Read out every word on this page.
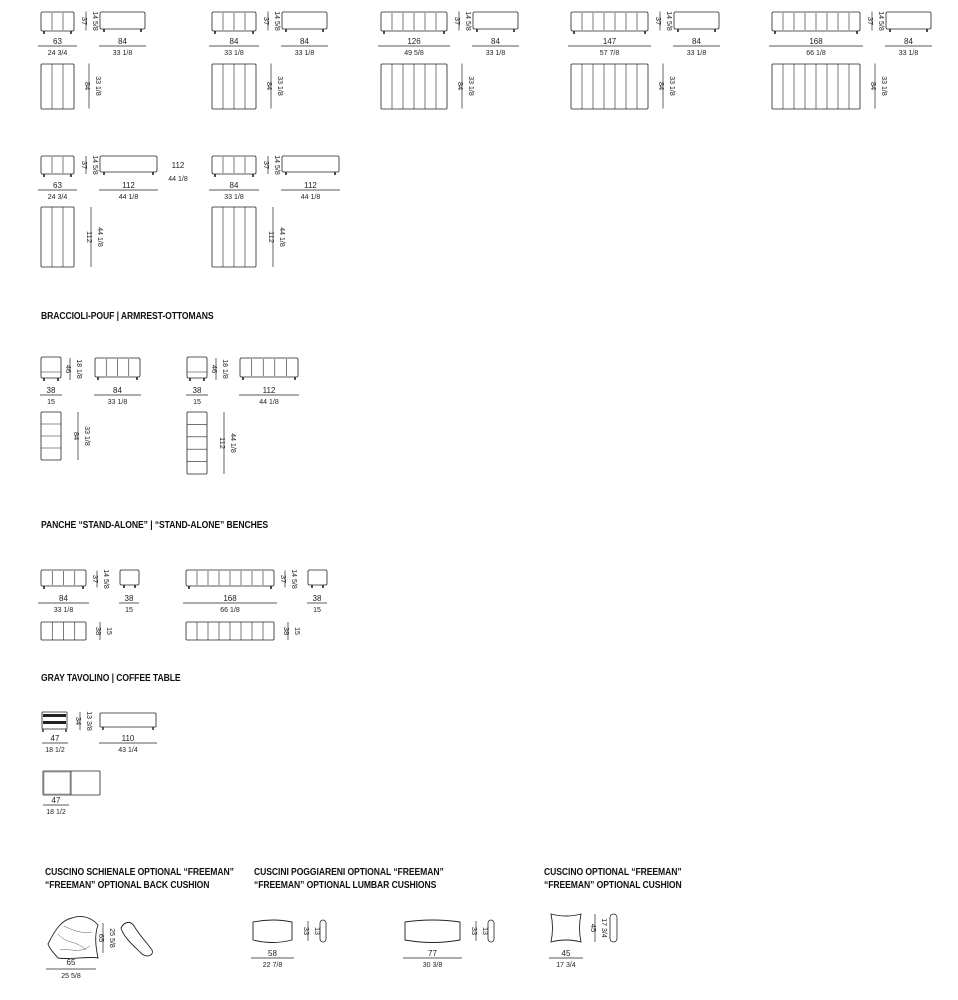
BRACCIOLI-POUF | ARMREST-OTTOMANS
PANCHE “STAND-ALONE” | “STAND-ALONE” BENCHES
GRAY TAVOLINO | COFFEE TABLE
CUSCINO SCHIENALE OPTIONAL “FREEMAN”
“FREEMAN” OPTIONAL BACK CUSHION
CUSCINI POGGIARENI OPTIONAL “FREEMAN”
“FREEMAN” OPTIONAL LUMBAR CUSHIONS
CUSCINO OPTIONAL “FREEMAN”
“FREEMAN” OPTIONAL CUSHION
37 14 5/8
63
24 3/4
84
33 1/8
84 33 1/8
37 14 5/8
84
33 1/8
84
33 1/8
84 33 1/8
37 14 5/8
126
49 5/8
84
33 1/8
84 33 1/8
37 14 5/8
147
57 7/8
84
33 1/8
84 33 1/8
37 14 5/8
168
66 1/8
84
33 1/8
84 33 1/8
37 14 5/8
63
24 3/4
112
44 1/8
112 44 1/8
37 14 5/8
84
33 1/8
112
44 1/8
112 44 1/8
112
44 1/8
46 18 1/8
38
15
84
33 1/8
84 33 1/8
46 18 1/8
38
15
112
44 1/8
112 44 1/8
37 14 5/8
84
33 1/8
38
15
38 15
37 14 5/8
168
66 1/8
38
15
38 15
34 13 3/8
47
18 1/2
110
43 1/4
47
18 1/2
65 25 5/8
65
25 5/8
33 13
58
22 7/8
33 13
77
30 3/8
45 17 3/4
45
17 3/4
